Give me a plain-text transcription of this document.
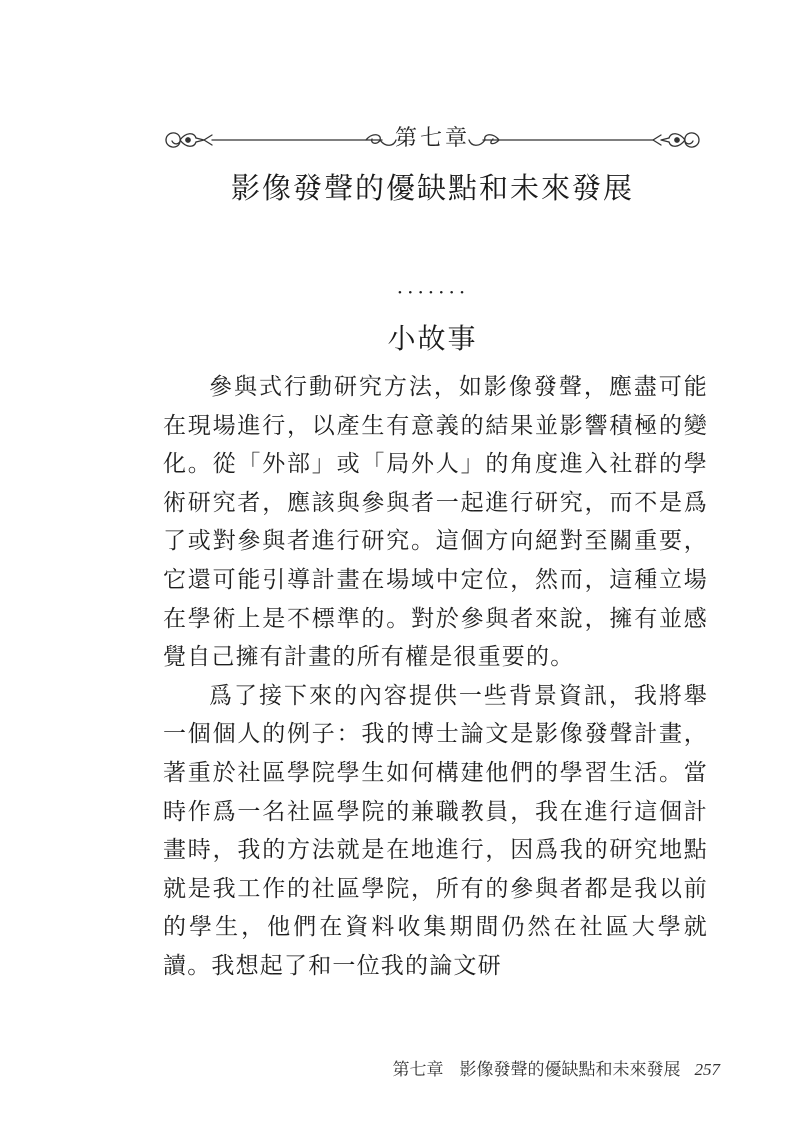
第七章
影像發聲的優缺點和未來發展
·······
小故事

參與式行動研究方法，如影像發聲，應盡可能在現場進行，以產生有意義的結果並影響積極的變化。從「外部」或「局外人」的角度進入社群的學術研究者，應該與參與者一起進行研究，而不是爲了或對參與者進行研究。這個方向絕對至關重要，它還可能引導計畫在場域中定位，然而，這種立場在學術上是不標準的。對於參與者來說，擁有並感覺自己擁有計畫的所有權是很重要的。

爲了接下來的內容提供一些背景資訊，我將舉一個個人的例子：我的博士論文是影像發聲計畫，著重於社區學院學生如何構建他們的學習生活。當時作爲一名社區學院的兼職教員，我在進行這個計畫時，我的方法就是在地進行，因爲我的研究地點就是我工作的社區學院，所有的參與者都是我以前的學生，他們在資料收集期間仍然在社區大學就讀。我想起了和一位我的論文研

第七章 影像發聲的優缺點和未來發展 257
